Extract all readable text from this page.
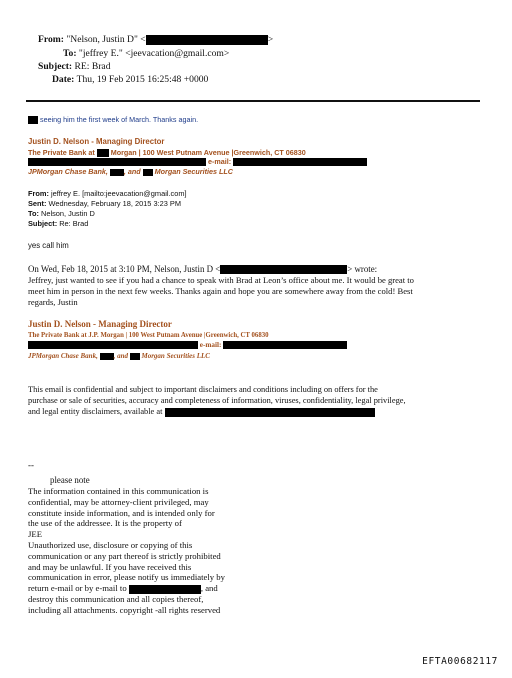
From: "Nelson, Justin D" <	>
To: "jeffrey E." <jeevacation@gmail.com>
Subject: RE: Brad
Date: Thu, 19 Feb 2015 16:25:48 +0000
seeing him the first week of March. Thanks again.
Justin D. Nelson - Managing Director
The Private Bank at  Morgan | 100 West Putnam Avenue |Greenwich, CT 06830
e-mail:
JPMorgan Chase Bank, , and Morgan Securities LLC
From: jeffrey E. [mailto:jeevacation@gmail.com]
Sent: Wednesday, February 18, 2015 3:23 PM
To: Nelson, Justin D
Subject: Re: Brad
yes call him
On Wed, Feb 18, 2015 at 3:10 PM, Nelson, Justin D <	> wrote:
Jeffrey, just wanted to see if you had a chance to speak with Brad at Leon’s office about me. It would be great to
meet him in person in the next few weeks. Thanks again and hope you are somewhere away from the cold! Best
regards, Justin
Justin D. Nelson - Managing Director
The Private Bank at J.P. Morgan | 100 West Putnam Avenue |Greenwich, CT 06830
e-mail:
JPMorgan Chase Bank, , and Morgan Securities LLC
This email is confidential and subject to important disclaimers and conditions including on offers for the
purchase or sale of securities, accuracy and completeness of information, viruses, confidentiality, legal privilege,
and legal entity disclaimers, available at
--
please note
The information contained in this communication is
confidential, may be attorney-client privileged, may
constitute inside information, and is intended only for
the use of the addressee. It is the property of
JEE
Unauthorized use, disclosure or copying of this
communication or any part thereof is strictly prohibited
and may be unlawful. If you have received this
communication in error, please notify us immediately by
return e-mail or by e-mail to	, and
destroy this communication and all copies thereof,
including all attachments. copyright -all rights reserved
EFTA00682117
